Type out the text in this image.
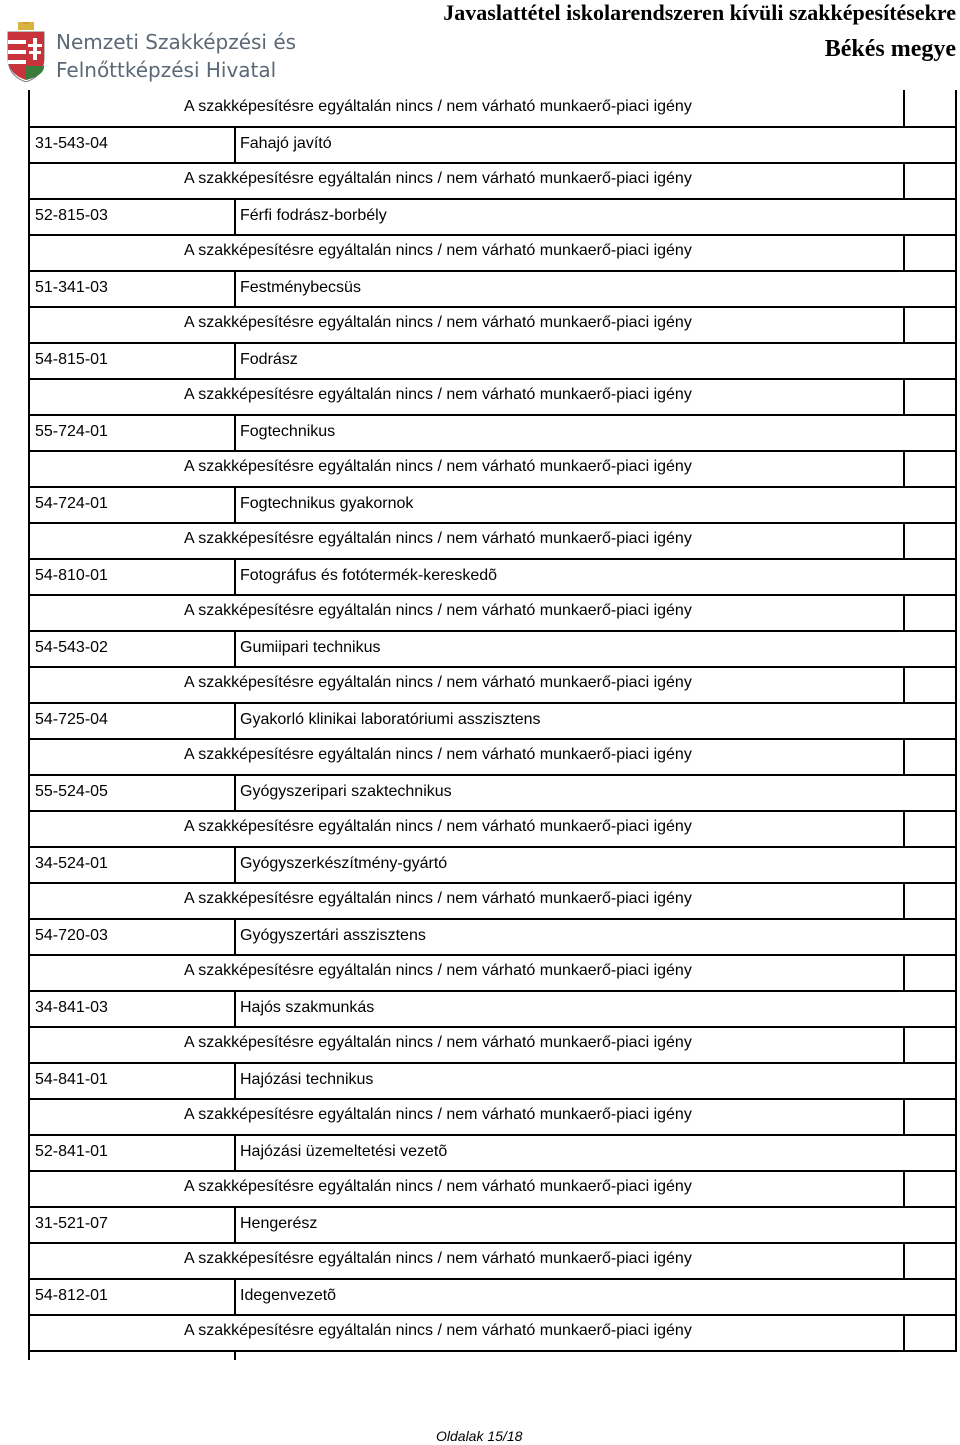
Nemzeti Szakképzési és
Felnőttképzési Hivatal
Javaslattétel iskolarendszeren kívüli szakképesítésekre
Békés megye
A szakképesítésre egyáltalán nincs / nem várható munkaerő-piaci igény
31-543-04	Fahajó javító
A szakképesítésre egyáltalán nincs / nem várható munkaerő-piaci igény
52-815-03	Férfi fodrász-borbély
A szakképesítésre egyáltalán nincs / nem várható munkaerő-piaci igény
51-341-03	Festménybecsüs
A szakképesítésre egyáltalán nincs / nem várható munkaerő-piaci igény
54-815-01	Fodrász
A szakképesítésre egyáltalán nincs / nem várható munkaerő-piaci igény
55-724-01	Fogtechnikus
A szakképesítésre egyáltalán nincs / nem várható munkaerő-piaci igény
54-724-01	Fogtechnikus gyakornok
A szakképesítésre egyáltalán nincs / nem várható munkaerő-piaci igény
54-810-01	Fotográfus és fotótermék-kereskedõ
A szakképesítésre egyáltalán nincs / nem várható munkaerő-piaci igény
54-543-02	Gumiipari technikus
A szakképesítésre egyáltalán nincs / nem várható munkaerő-piaci igény
54-725-04	Gyakorló klinikai laboratóriumi asszisztens
A szakképesítésre egyáltalán nincs / nem várható munkaerő-piaci igény
55-524-05	Gyógyszeripari szaktechnikus
A szakképesítésre egyáltalán nincs / nem várható munkaerő-piaci igény
34-524-01	Gyógyszerkészítmény-gyártó
A szakképesítésre egyáltalán nincs / nem várható munkaerő-piaci igény
54-720-03	Gyógyszertári asszisztens
A szakképesítésre egyáltalán nincs / nem várható munkaerő-piaci igény
34-841-03	Hajós szakmunkás
A szakképesítésre egyáltalán nincs / nem várható munkaerő-piaci igény
54-841-01	Hajózási technikus
A szakképesítésre egyáltalán nincs / nem várható munkaerő-piaci igény
52-841-01	Hajózási üzemeltetési vezetõ
A szakképesítésre egyáltalán nincs / nem várható munkaerő-piaci igény
31-521-07	Hengerész
A szakképesítésre egyáltalán nincs / nem várható munkaerő-piaci igény
54-812-01	Idegenvezetõ
A szakképesítésre egyáltalán nincs / nem várható munkaerő-piaci igény
Oldalak 15/18
